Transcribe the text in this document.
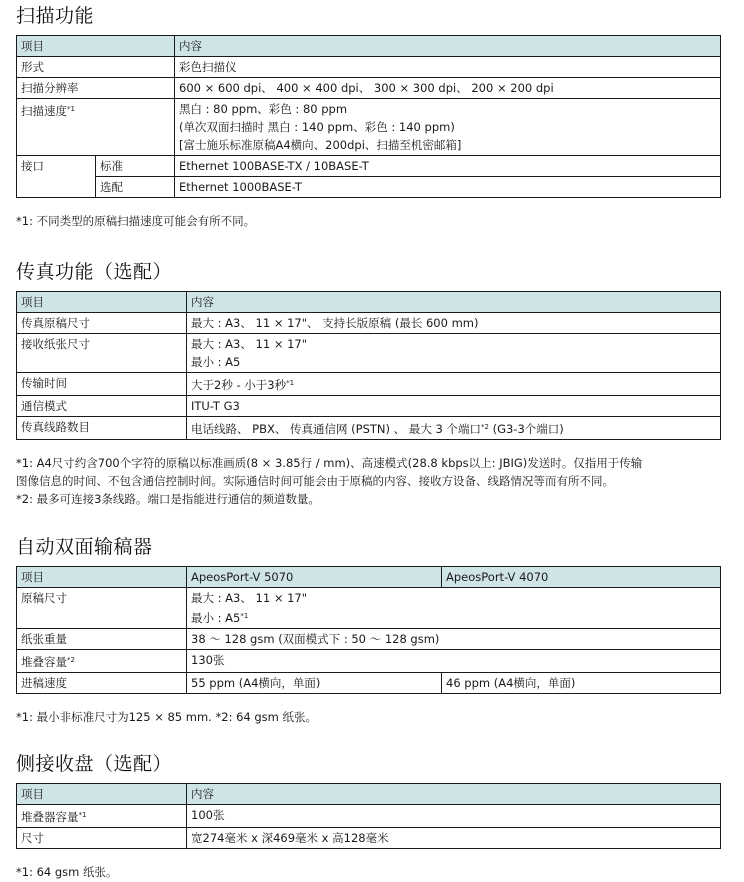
扫描功能
项目		内容
形式		彩色扫描仪
扫描分辨率		600 × 600 dpi、 400 × 400 dpi、 300 × 300 dpi、 200 × 200 dpi
扫描速度$^{*1}$		黑白 : 80 ppm、彩色 : 80 ppm
(单次双面扫描时 黑白 : 140 ppm、彩色 : 140 ppm)
[富士施乐标准原稿A4横向、200dpi、扫描至机密邮箱]

接口	标准	Ethernet 100BASE-TX / 10BASE-T
	选配	Ethernet 1000BASE-T

*1: 不同类型的原稿扫描速度可能会有所不同。

传真功能（选配）
项目	内容
传真原稿尺寸	最大 : A3、 11 × 17"、 支持长版原稿 (最长 600 mm)
接收纸张尺寸	最大 : A3、 11 × 17"
最小 : A5

传输时间	大于2秒 - 小于3秒$^{*1}$
通信模式	ITU-T G3
传真线路数目	电话线路、 PBX、 传真通信网 (PSTN) 、 最大 3 个端口$^{*2}$ (G3-3个端口)

*1: A4尺寸约含700个字符的原稿以标准画质(8 × 3.85行 / mm)、高速模式(28.8 kbps以上: JBIG)发送时。仅指用于传输

图像信息的时间、不包含通信控制时间。实际通信时间可能会由于原稿的内容、接收方设备、线路情况等而有所不同。

*2: 最多可连接3条线路。端口是指能进行通信的频道数量。

自动双面输稿器
项目	ApeosPort-V 5070	ApeosPort-V 4070
原稿尺寸	最大 : A3、 11 × 17"
最小 : A5$^{*1}$

纸张重量	38 ～ 128 gsm (双面模式下 : 50 ～ 128 gsm)	
堆叠容量$^{*2}$	130张	
进稿速度	55 ppm (A4横向，单面)	46 ppm (A4横向，单面)

*1: 最小非标准尺寸为125 × 85 mm. *2: 64 gsm 纸张。

侧接收盘（选配）
项目	内容
堆叠器容量$^{*1}$	100张
尺寸	宽274毫米 x 深469毫米 x 高128毫米

*1: 64 gsm 纸张。
